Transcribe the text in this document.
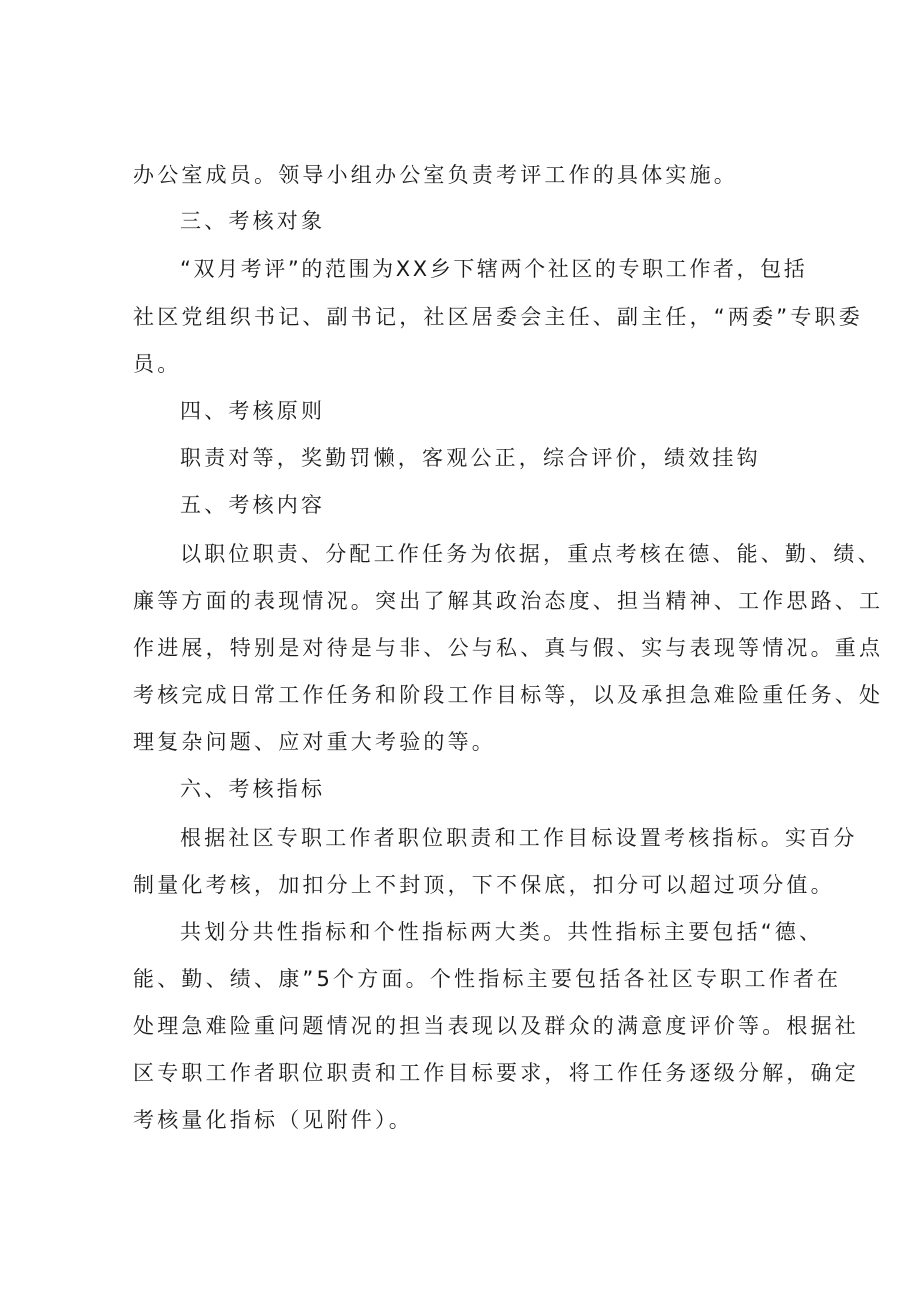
办公室成员。领导小组办公室负责考评工作的具体实施。

三、考核对象

“双月考评”的范围为XX乡下辖两个社区的专职工作者，包括

社区党组织书记、副书记，社区居委会主任、副主任，“两委”专职委

员。

四、考核原则

职责对等，奖勤罚懒，客观公正，综合评价，绩效挂钩

五、考核内容

以职位职责、分配工作任务为依据，重点考核在德、能、勤、绩、

廉等方面的表现情况。突出了解其政治态度、担当精神、工作思路、工

作进展，特别是对待是与非、公与私、真与假、实与表现等情况。重点

考核完成日常工作任务和阶段工作目标等，以及承担急难险重任务、处

理复杂问题、应对重大考验的等。

六、考核指标

根据社区专职工作者职位职责和工作目标设置考核指标。实百分

制量化考核，加扣分上不封顶，下不保底，扣分可以超过项分值。

共划分共性指标和个性指标两大类。共性指标主要包括“德、

能、勤、绩、康”5个方面。个性指标主要包括各社区专职工作者在

处理急难险重问题情况的担当表现以及群众的满意度评价等。根据社

区专职工作者职位职责和工作目标要求，将工作任务逐级分解，确定

考核量化指标（见附件）。
